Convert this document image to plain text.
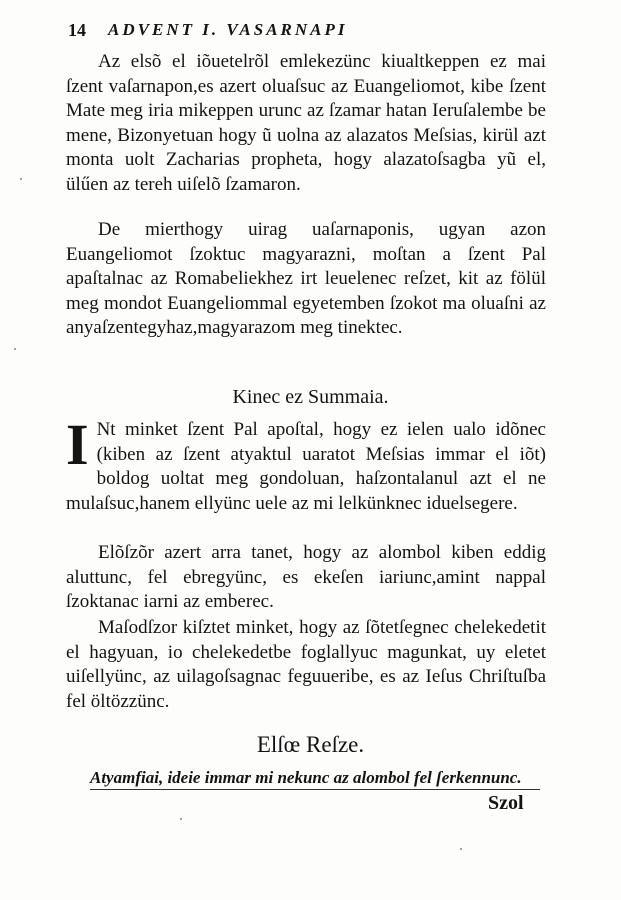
14 ADVENT I. VASARNAPI

Az elsõ el iõuetelrõl emlekezünc kiualtkeppen ez mai ſzent vaſarnapon,es azert oluaſsuc az Euangeliomot, kibe ſzent Mate meg iria mikeppen urunc az ſzamar hatan Ieruſalembe be mene, Bizonyetuan hogy ũ uolna az alazatos Meſsias, kirül azt monta uolt Zacharias propheta, hogy alazatoſsagba yũ el, ülűen az tereh uiſelõ ſzamaron.

De mierthogy uirag uaſarnaponis, ugyan azon Euangeliomot ſzoktuc magyarazni, moſtan a ſzent Pal apaſtalnac az Romabeliekhez irt leuelenec reſzet, kit az fölül meg mondot Euangeliommal egyetemben ſzokot ma oluaſni az anyaſzentegyhaz,magyarazom meg tinektec.

Kinec ez Summaia.
I Nt minket ſzent Pal apoſtal, hogy ez ielen ualo idõnec (kiben az ſzent atyaktul uaratot Meſsias immar el iõt) boldog uoltat meg gondoluan, haſzontalanul azt el ne mulaſsuc,hanem ellyünc uele az mi lelkünknec iduelsegere.

Elõſzõr azert arra tanet, hogy az alombol kiben eddig aluttunc, fel ebregyünc, es ekeſen iariunc,amint nappal ſzoktanac iarni az emberec.

Maſodſzor kiſztet minket, hogy az ſõtetſegnec chelekedetit el hagyuan, io chelekedetbe foglallyuc magunkat, uy eletet uiſellyünc, az uilagoſsagnac feguueribe, es az Ieſus Chriſtuſba fel öltözzünc.

Elſœ Reſze.
Atyamfiai, ideie immar mi nekunc az alombol fel ſerkennunc.
Szol
